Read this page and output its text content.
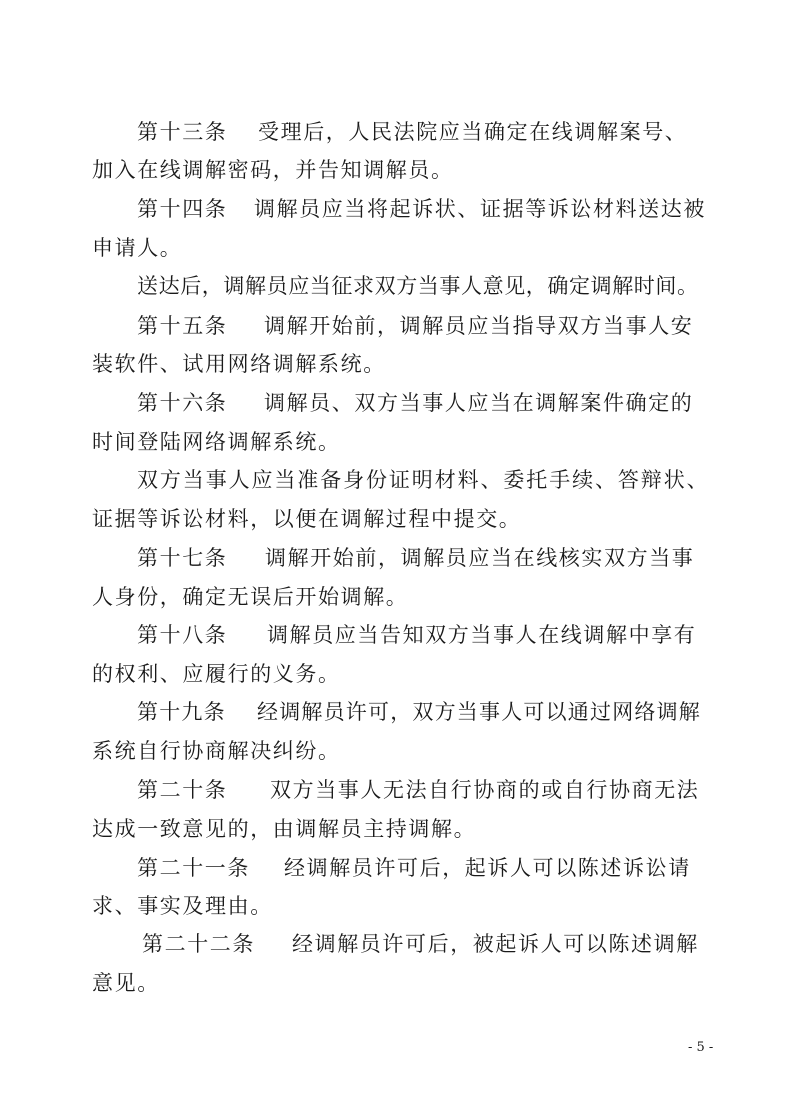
第十三条 受理后，人民法院应当确定在线调解案号、
加入在线调解密码，并告知调解员。
第十四条 调解员应当将起诉状、证据等诉讼材料送达被
申请人。
送达后，调解员应当征求双方当事人意见，确定调解时间。
第十五条 调解开始前，调解员应当指导双方当事人安
装软件、试用网络调解系统。
第十六条 调解员、双方当事人应当在调解案件确定的
时间登陆网络调解系统。
双方当事人应当准备身份证明材料、委托手续、答辩状、
证据等诉讼材料，以便在调解过程中提交。
第十七条 调解开始前，调解员应当在线核实双方当事
人身份，确定无误后开始调解。
第十八条 调解员应当告知双方当事人在线调解中享有
的权利、应履行的义务。
第十九条 经调解员许可，双方当事人可以通过网络调解
系统自行协商解决纠纷。
第二十条 双方当事人无法自行协商的或自行协商无法
达成一致意见的，由调解员主持调解。
第二十一条 经调解员许可后，起诉人可以陈述诉讼请
求、事实及理由。
第二十二条 经调解员许可后，被起诉人可以陈述调解
意见。
- 5 -
